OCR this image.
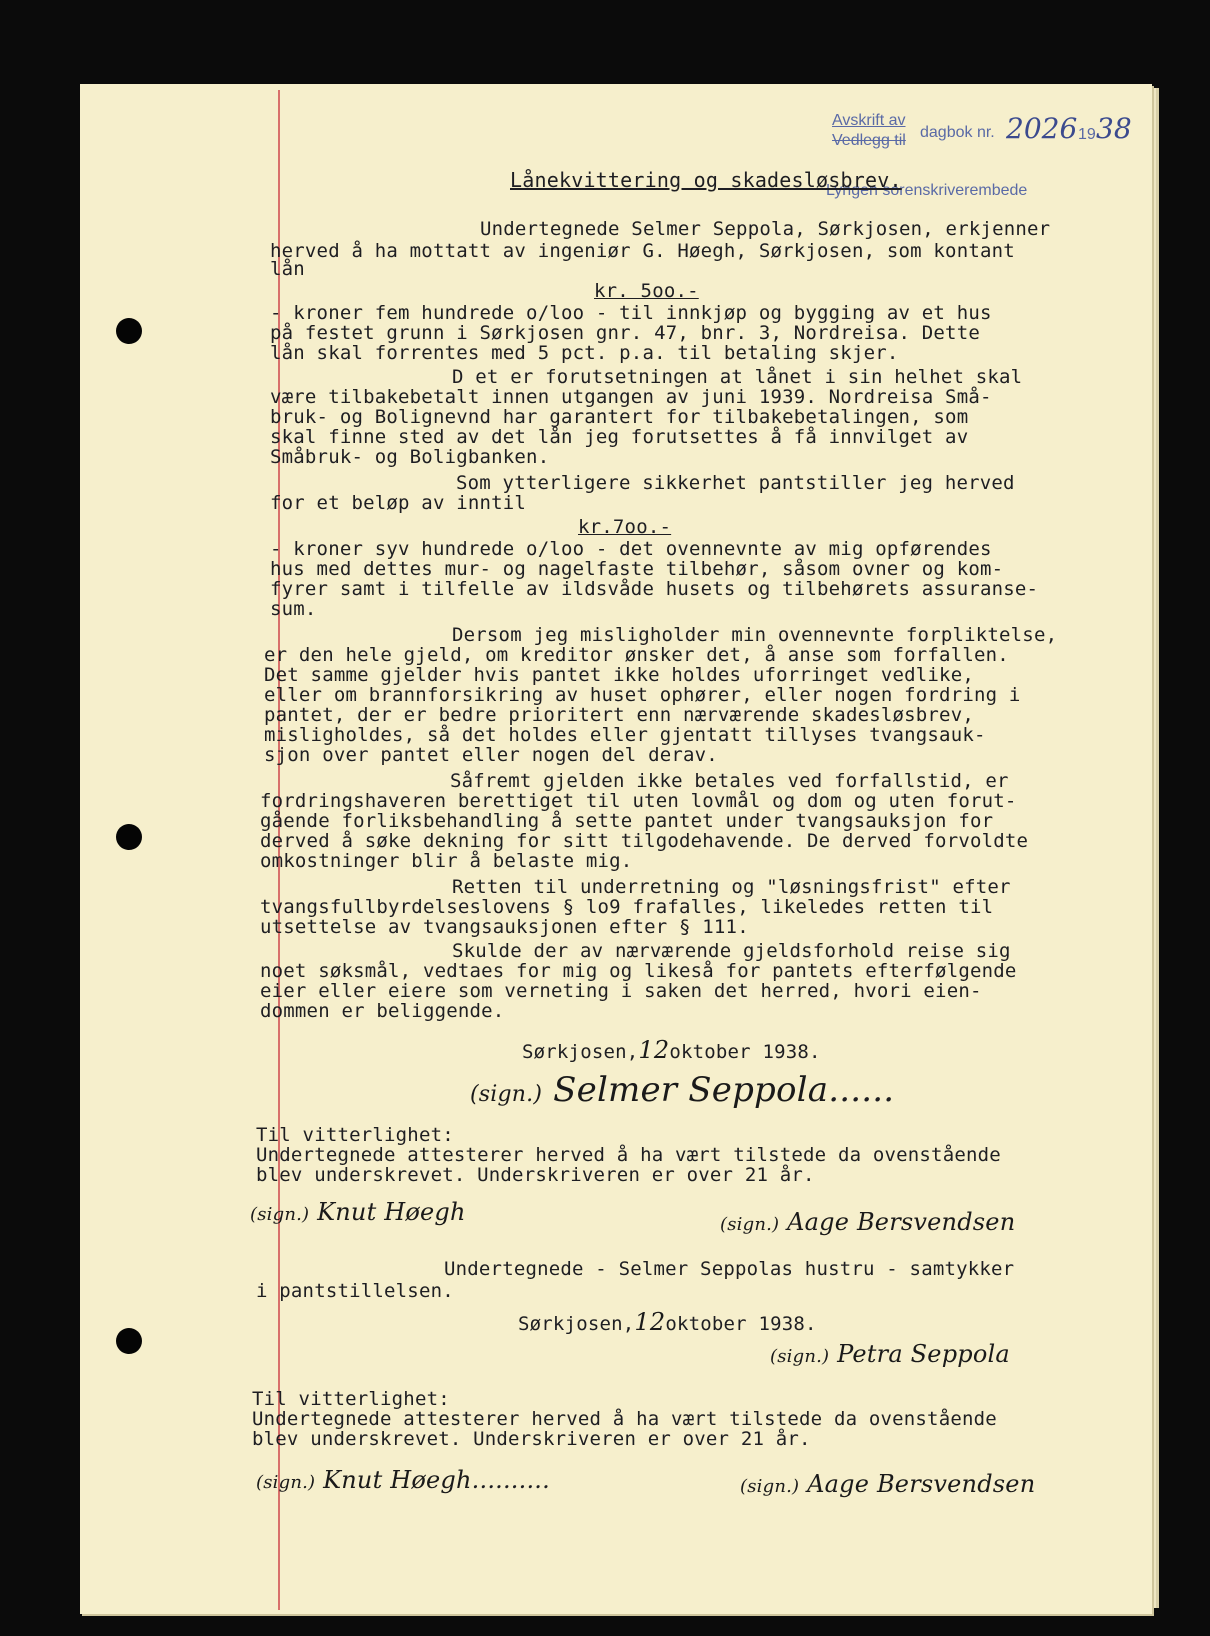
Avskrift av
Vedlegg til dagbok nr. 2026 19 38
Lyngen sorenskriverembede
Lånekvittering og skadesløsbrev.
Undertegnede Selmer Seppola, Sørkjosen, erkjenner
herved å ha mottatt av ingeniør G. Høegh, Sørkjosen, som kontant
lån
kr. 5oo.-
- kroner fem hundrede o/loo - til innkjøp og bygging av et hus
på festet grunn i Sørkjosen gnr. 47, bnr. 3, Nordreisa. Dette
lån skal forrentes med 5 pct. p.a. til betaling skjer.
D et er forutsetningen at lånet i sin helhet skal
være tilbakebetalt innen utgangen av juni 1939. Nordreisa Små-
bruk- og Bolignevnd har garantert for tilbakebetalingen, som
skal finne sted av det lån jeg forutsettes å få innvilget av
Småbruk- og Boligbanken.
Som ytterligere sikkerhet pantstiller jeg herved
for et beløp av inntil
kr.7oo.-
- kroner syv hundrede o/loo - det ovennevnte av mig opførendes
hus med dettes mur- og nagelfaste tilbehør, såsom ovner og kom-
fyrer samt i tilfelle av ildsvåde husets og tilbehørets assuranse-
sum.
Dersom jeg misligholder min ovennevnte forpliktelse,
er den hele gjeld, om kreditor ønsker det, å anse som forfallen.
Det samme gjelder hvis pantet ikke holdes uforringet vedlike,
eller om brannforsikring av huset ophører, eller nogen fordring i
pantet, der er bedre prioritert enn nærværende skadesløsbrev,
misligholdes, så det holdes eller gjentatt tillyses tvangsauk-
sjon over pantet eller nogen del derav.
Såfremt gjelden ikke betales ved forfallstid, er
fordringshaveren berettiget til uten lovmål og dom og uten forut-
gående forliksbehandling å sette pantet under tvangsauksjon for
derved å søke dekning for sitt tilgodehavende. De derved forvoldte
omkostninger blir å belaste mig.
Retten til underretning og "løsningsfrist" efter
tvangsfullbyrdelseslovens § lo9 frafalles, likeledes retten til
utsettelse av tvangsauksjonen efter § 111.
Skulde der av nærværende gjeldsforhold reise sig
noet søksmål, vedtaes for mig og likeså for pantets efterfølgende
eier eller eiere som verneting i saken det herred, hvori eien-
dommen er beliggende.
Sørkjosen,12oktober 1938.
(sign.) Selmer Seppola......
Til vitterlighet:
Undertegnede attesterer herved å ha vært tilstede da ovenstående
blev underskrevet. Underskriveren er over 21 år.
(sign.) Knut Høegh	(sign.) Aage Bersvendsen
Undertegnede - Selmer Seppolas hustru - samtykker
i pantstillelsen.
Sørkjosen,12oktober 1938.
(sign.) Petra Seppola
Til vitterlighet:
Undertegnede attesterer herved å ha vært tilstede da ovenstående
blev underskrevet. Underskriveren er over 21 år.
(sign.) Knut Høegh..........	(sign.) Aage Bersvendsen
